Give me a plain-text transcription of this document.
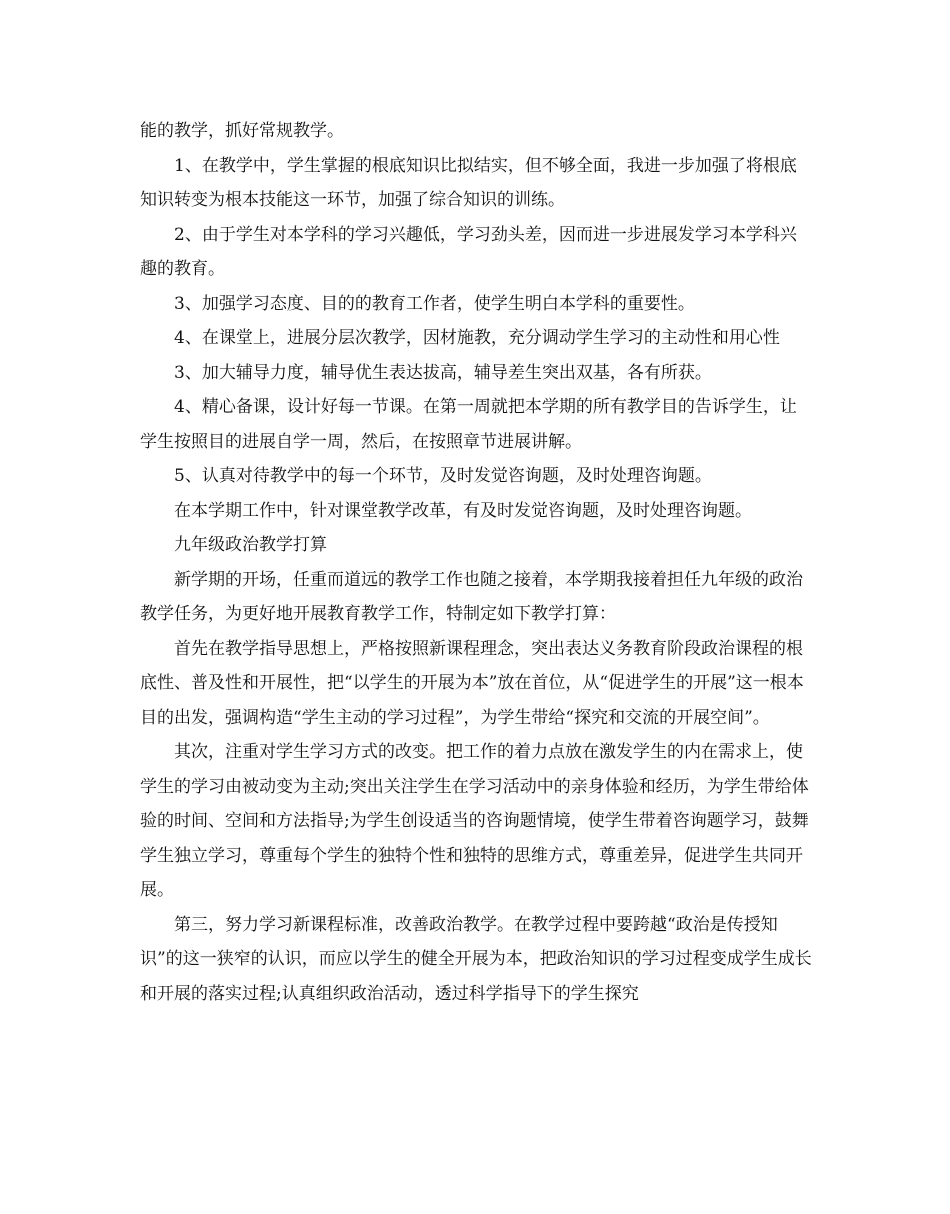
能的教学，抓好常规教学。

1、在教学中，学生掌握的根底知识比拟结实，但不够全面，我进一步加强了将根底知识转变为根本技能这一环节，加强了综合知识的训练。

2、由于学生对本学科的学习兴趣低，学习劲头差，因而进一步进展发学习本学科兴趣的教育。

3、加强学习态度、目的的教育工作者，使学生明白本学科的重要性。

4、在课堂上，进展分层次教学，因材施教，充分调动学生学习的主动性和用心性

3、加大辅导力度，辅导优生表达拔高，辅导差生突出双基，各有所获。

4、精心备课，设计好每一节课。在第一周就把本学期的所有教学目的告诉学生，让学生按照目的进展自学一周，然后，在按照章节进展讲解。

5、认真对待教学中的每一个环节，及时发觉咨询题，及时处理咨询题。

在本学期工作中，针对课堂教学改革，有及时发觉咨询题，及时处理咨询题。

九年级政治教学打算

新学期的开场，任重而道远的教学工作也随之接着，本学期我接着担任九年级的政治教学任务，为更好地开展教育教学工作，特制定如下教学打算：

首先在教学指导思想上，严格按照新课程理念，突出表达义务教育阶段政治课程的根底性、普及性和开展性，把“以学生的开展为本”放在首位，从“促进学生的开展”这一根本目的出发，强调构造“学生主动的学习过程”，为学生带给“探究和交流的开展空间”。

其次，注重对学生学习方式的改变。把工作的着力点放在激发学生的内在需求上，使学生的学习由被动变为主动;突出关注学生在学习活动中的亲身体验和经历，为学生带给体验的时间、空间和方法指导;为学生创设适当的咨询题情境，使学生带着咨询题学习，鼓舞学生独立学习，尊重每个学生的独特个性和独特的思维方式，尊重差异，促进学生共同开展。

第三，努力学习新课程标准，改善政治教学。在教学过程中要跨越“政治是传授知识”的这一狭窄的认识，而应以学生的健全开展为本，把政治知识的学习过程变成学生成长和开展的落实过程;认真组织政治活动，透过科学指导下的学生探究
